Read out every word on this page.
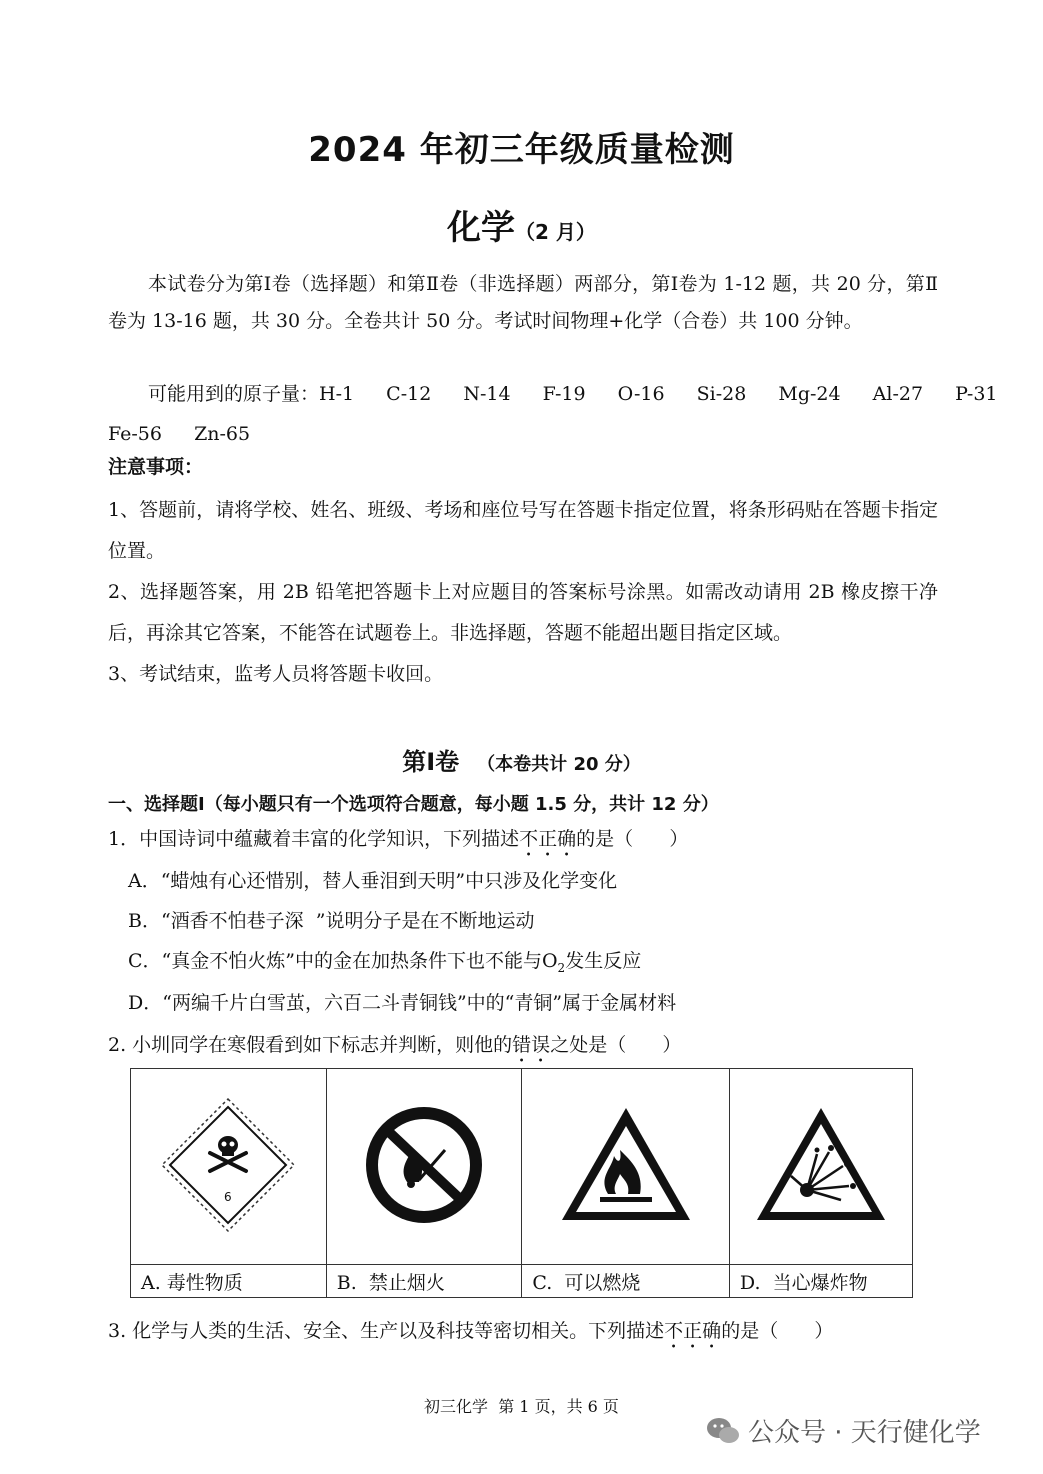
2024 年初三年级质量检测
化学（2 月）
本试卷分为第Ⅰ卷（选择题）和第Ⅱ卷（非选择题）两部分，第Ⅰ卷为 1-12 题，共 20 分，第Ⅱ卷为 13-16 题，共 30 分。全卷共计 50 分。考试时间物理+化学（合卷）共 100 分钟。
可能用到的原子量：H-1  C-12  N-14  F-19  O-16  Si-28  Mg-24  Al-27  P-31
Fe-56  Zn-65
注意事项：
1、答题前，请将学校、姓名、班级、考场和座位号写在答题卡指定位置，将条形码贴在答题卡指定位置。
2、选择题答案，用 2B 铅笔把答题卡上对应题目的答案标号涂黑。如需改动请用 2B 橡皮擦干净后，再涂其它答案，不能答在试题卷上。非选择题，答题不能超出题目指定区域。
3、考试结束，监考人员将答题卡收回。
第Ⅰ卷 （本卷共计 20 分）
一、选择题Ⅰ（每小题只有一个选项符合题意，每小题 1.5 分，共计 12 分）
1．中国诗词中蕴藏着丰富的化学知识，下列描述不正确的是（      ）
A．“蜡烛有心还惜别，替人垂泪到天明”中只涉及化学变化
B．“酒香不怕巷子深  ”说明分子是在不断地运动
C．“真金不怕火炼”中的金在加热条件下也不能与$O_2$发生反应
D．“两编千片白雪茧，六百二斗青铜钱”中的“青铜”属于金属材料
2. 小圳同学在寒假看到如下标志并判断，则他的错误之处是（      ）
6

A. 毒性物质	B.  禁止烟火	C.  可以燃烧	D.  当心爆炸物
3. 化学与人类的生活、安全、生产以及科技等密切相关。下列描述不正确的是（      ）
初三化学  第 1 页，共 6 页
公众号 · 天行健化学
